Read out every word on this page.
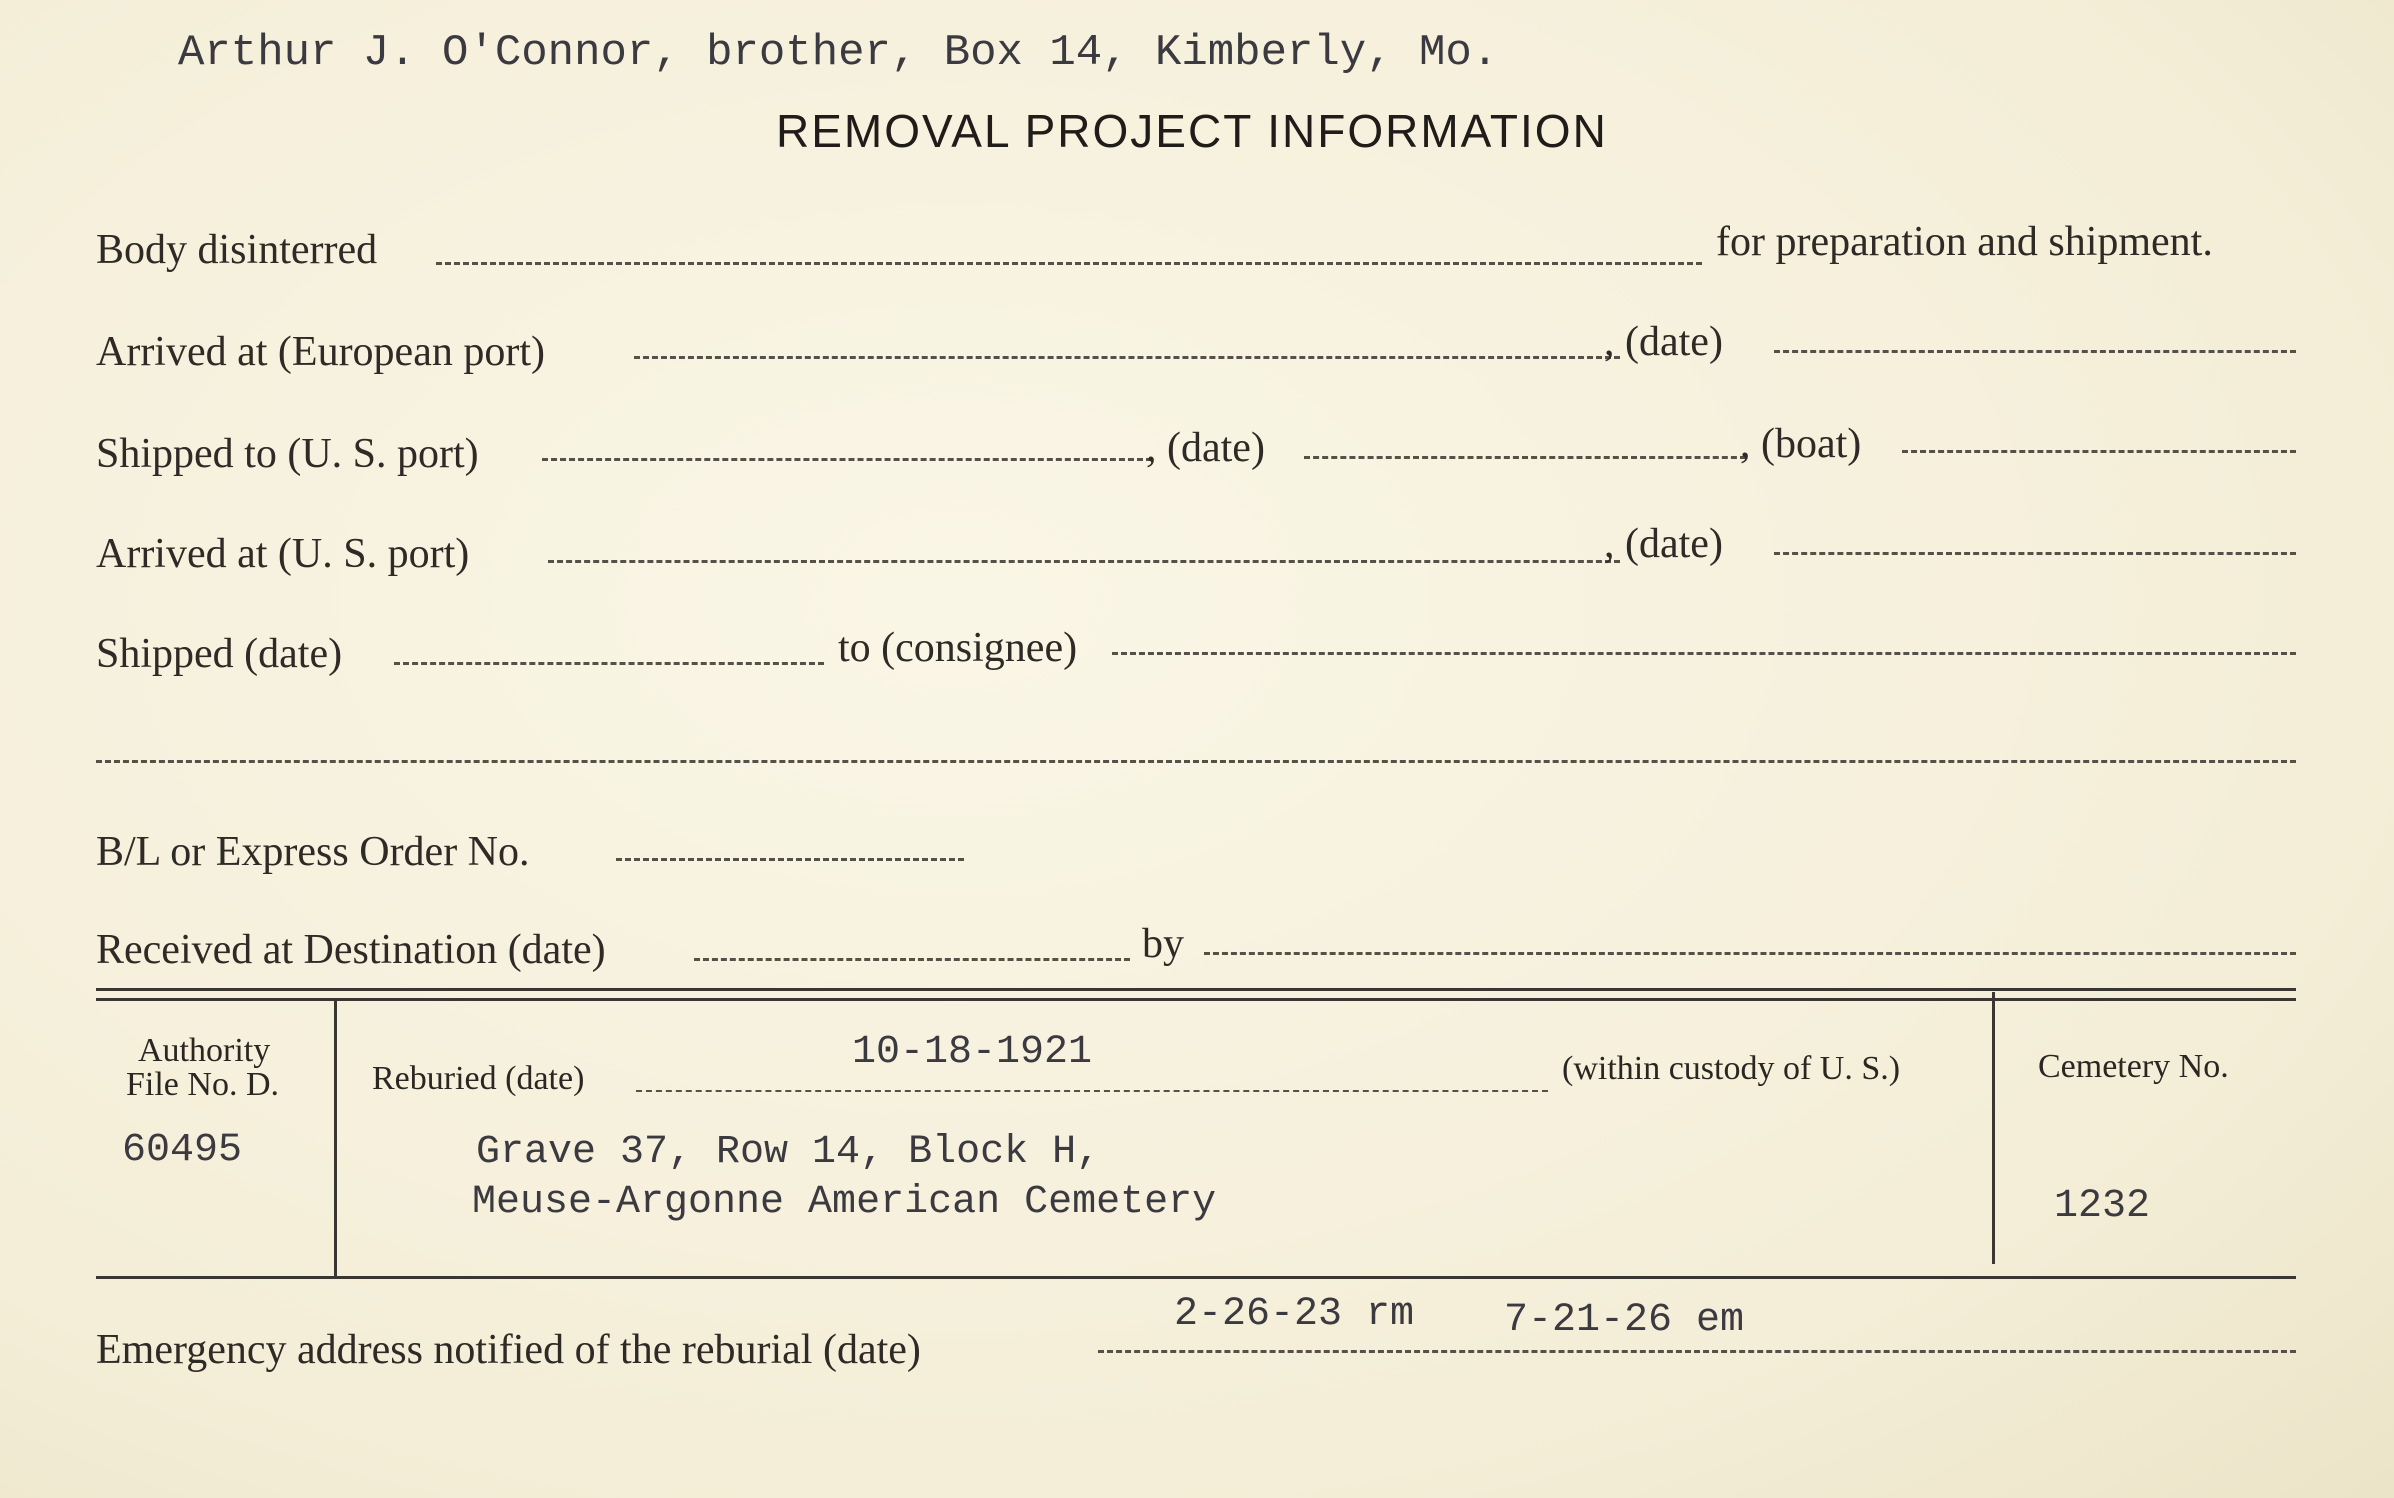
Arthur J. O'Connor, brother, Box 14, Kimberly, Mo.
REMOVAL PROJECT INFORMATION
Body disinterred	for preparation and shipment.
Arrived at (European port)	, (date)
Shipped to (U. S. port)	, (date)	, (boat)
Arrived at (U. S. port)	, (date)
Shipped (date)	to (consignee)
B/L or Express Order No.
Received at Destination (date)	by
Authority
File No. D.
60495
Reburied (date)
10-18-1921	(within custody of U. S.)
Grave 37, Row 14, Block H,
Meuse-Argonne American Cemetery
Cemetery No.
1232
Emergency address notified of the reburial (date)
2-26-23 rm 7-21-26 em
